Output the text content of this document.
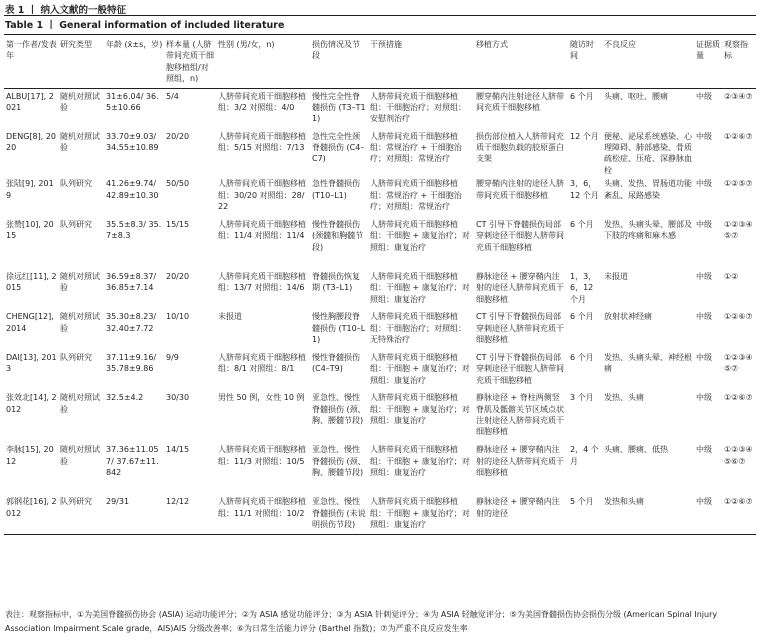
表 1 丨 纳入文献的一般特征
Table 1 丨 General information of included literature
第一作者/发表年	研究类型	年龄 (x̄±s，岁)	样本量 (人脐带间充质干细胞移植组/对照组，n)	性别 (男/女，n)	损伤情况及节段	干预措施	移植方式	随访时间	不良反应	证据质量	观察指标
ALBU[17], 2021	随机对照试验	31±6.04/ 36.5±10.66	5/4	人脐带间充质干细胞移植组：3/2 对照组：4/0	慢性完全性脊髓损伤 (T3–T11)	人脐带间充质干细胞移植组：干细胞治疗；对照组：安慰剂治疗	腰穿鞘内注射途径人脐带间充质干细胞移植	6 个月	头痛、呕吐、腰痛	中级	②③④⑦
DENG[8], 2020	随机对照试验	33.70±9.03/ 34.55±10.89	20/20	人脐带间充质干细胞移植组：5/15 对照组：7/13	急性完全性颈脊髓损伤 (C4–C7)	人脐带间充质干细胞移植组：常规治疗 + 干细胞治疗；对照组：常规治疗	损伤部位植入人脐带间充质干细胞负载的胶原蛋白支架	12 个月	便秘、泌尿系统感染、心理障碍、肺部感染、骨质疏松症、压疮、深静脉血栓	中级	①②⑥⑦
张陆[9], 2019	队列研究	41.26±9.74/ 42.89±10.30	50/50	人脐带间充质干细胞移植组：30/20 对照组：28/22	急性脊髓损伤 (T10–L1)	人脐带间充质干细胞移植组：常规治疗 + 干细胞治疗；对照组：常规治疗	腰穿鞘内注射的途径人脐带间充质干细胞移植	3，6，12 个月	头痛、发热、胃肠道功能紊乱、尿路感染	中级	①②⑤⑦
张赞[10], 2015	队列研究	35.5±8.3/ 35.7±8.3	15/15	人脐带间充质干细胞移植组：11/4 对照组：11/4	慢性脊髓损伤 (颈髓和胸髓节段)	人脐带间充质干细胞移植组：干细胞 + 康复治疗；对照组：康复治疗	CT 引导下脊髓损伤局部穿刺途径干细胞人脐带间充质干细胞移植	6 个月	发热、头痛头晕、腰部及下肢的疼痛和麻木感	中级	①②③④⑤⑦
徐远红[11], 2015	随机对照试验	36.59±8.37/ 36.85±7.14	20/20	人脐带间充质干细胞移植组：13/7 对照组：14/6	脊髓损伤恢复期 (T3–L1)	人脐带间充质干细胞移植组：干细胞 + 康复治疗；对照组：康复治疗	静脉途径 + 腰穿鞘内注射的途径人脐带间充质干细胞移植	1，3，6，12 个月	未报道	中级	①②
CHENG[12], 2014	随机对照试验	35.30±8.23/ 32.40±7.72	10/10	未报道	慢性胸腰段脊髓损伤 (T10–L1)	人脐带间充质干细胞移植组：干细胞治疗；对照组：无特殊治疗	CT 引导下脊髓损伤局部穿刺途径人脐带间充质干细胞移植	6 个月	放射状神经痛	中级	①②⑥⑦
DAI[13], 2013	队列研究	37.11±9.16/ 35.78±9.86	9/9	人脐带间充质干细胞移植组：8/1 对照组：8/1	慢性脊髓损伤 (C4–T9)	人脐带间充质干细胞移植组：干细胞 + 康复治疗；对照组：康复治疗	CT 引导下脊髓损伤局部穿刺途径干细胞人脐带间充质干细胞移植	6 个月	发热、头痛头晕、神经根痛	中级	①②③④⑤⑦
张效北[14], 2012	随机对照试验	32.5±4.2	30/30	男性 50 例，女性 10 例	亚急性、慢性脊髓损伤 (颈、胸、腰髓节段)	人脐带间充质干细胞移植组：干细胞 + 康复治疗；对照组：康复治疗	静脉途径 + 脊柱两侧竖脊肌及骶髂关节区域点状注射途径人脐带间充质干细胞移植	3 个月	发热、头痛	中级	①②⑥⑦
李脉[15], 2012	随机对照试验	37.36±11.057/ 37.67±11.842	14/15	人脐带间充质干细胞移植组：11/3 对照组：10/5	亚急性、慢性脊髓损伤 (颈、胸、腰髓节段)	人脐带间充质干细胞移植组：干细胞 + 康复治疗；对照组：康复治疗	静脉途径 + 腰穿鞘内注射的途径人脐带间充质干细胞移植	2，4 个月	头痛、腰痛、低热	中级	①②③④⑤⑥⑦
郭钢花[16], 2012	队列研究	29/31	12/12	人脐带间充质干细胞移植组：11/1 对照组：10/2	亚急性、慢性脊髓损伤 (未说明损伤节段)	人脐带间充质干细胞移植组：干细胞 + 康复治疗；对照组：康复治疗	静脉途径 + 腰穿鞘内注射的途径	5 个月	发热和头痛	中级	①②⑥⑦
表注：观察指标中，①为美国脊髓损伤协会 (ASIA) 运动功能评分；②为 ASIA 感觉功能评分；③为 ASIA 针刺觉评分；④为 ASIA 轻触觉评分；⑤为美国脊髓损伤协会损伤分级 (American Spinal Injury Association Impairment Scale grade，AIS)AIS 分级改善率；⑥为日常生活能力评分 (Barthel 指数)；⑦为严重不良反应发生率
